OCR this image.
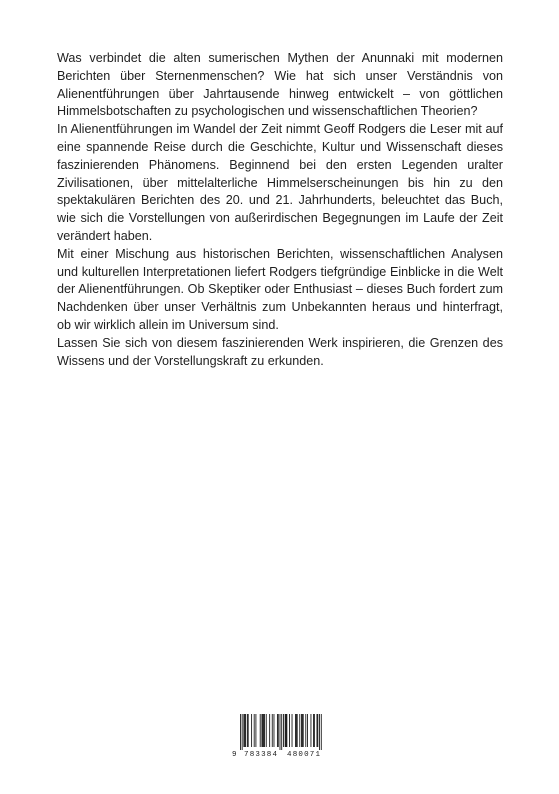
Was verbindet die alten sumerischen Mythen der Anunnaki mit modernen Berichten über Sternenmenschen? Wie hat sich unser Verständnis von Alienentführungen über Jahrtausende hinweg entwickelt – von göttlichen Himmelsbotschaften zu psychologischen und wissenschaftlichen Theorien?

In Alienentführungen im Wandel der Zeit nimmt Geoff Rodgers die Leser mit auf eine spannende Reise durch die Geschichte, Kultur und Wissenschaft dieses faszinierenden Phänomens. Beginnend bei den ersten Legenden uralter Zivilisationen, über mittelalterliche Himmelserscheinungen bis hin zu den spektakulären Berichten des 20. und 21. Jahrhunderts, beleuchtet das Buch, wie sich die Vorstellungen von außerirdischen Begegnungen im Laufe der Zeit verändert haben.

Mit einer Mischung aus historischen Berichten, wissenschaftlichen Analysen und kulturellen Interpretationen liefert Rodgers tiefgründige Einblicke in die Welt der Alienentführungen. Ob Skeptiker oder Enthusiast – dieses Buch fordert zum Nachdenken über unser Verhältnis zum Unbekannten heraus und hinterfragt, ob wir wirklich allein im Universum sind.

Lassen Sie sich von diesem faszinierenden Werk inspirieren, die Grenzen des Wissens und der Vorstellungskraft zu erkunden.

9 783384 480071
